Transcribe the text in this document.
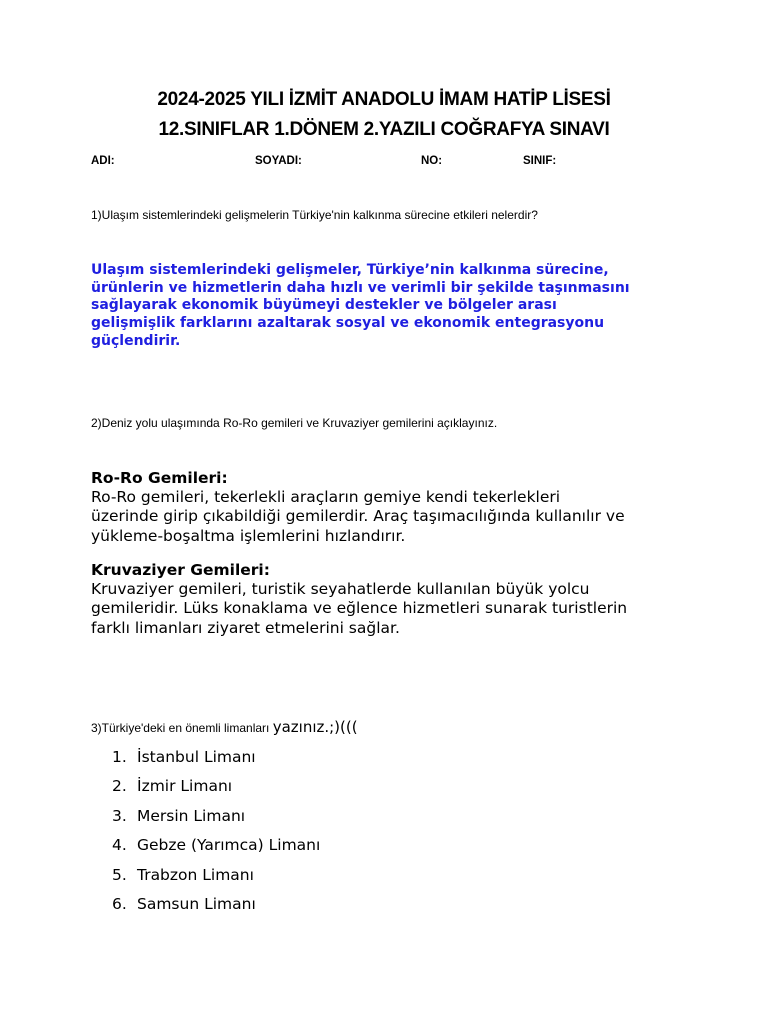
2024-2025 YILI İZMİT ANADOLU İMAM HATİP LİSESİ
12.SINIFLAR 1.DÖNEM 2.YAZILI COĞRAFYA SINAVI
ADI:	SOYADI:	NO:	SINIF:
1)Ulaşım sistemlerindeki gelişmelerin Türkiye'nin kalkınma sürecine etkileri nelerdir?
Ulaşım sistemlerindeki gelişmeler, Türkiye’nin kalkınma sürecine,
ürünlerin ve hizmetlerin daha hızlı ve verimli bir şekilde taşınmasını
sağlayarak ekonomik büyümeyi destekler ve bölgeler arası
gelişmişlik farklarını azaltarak sosyal ve ekonomik entegrasyonu
güçlendirir.
2)Deniz yolu ulaşımında Ro-Ro gemileri ve Kruvaziyer gemilerini açıklayınız.
Ro-Ro Gemileri:
Ro-Ro gemileri, tekerlekli araçların gemiye kendi tekerlekleri
üzerinde girip çıkabildiği gemilerdir. Araç taşımacılığında kullanılır ve
yükleme-boşaltma işlemlerini hızlandırır.
Kruvaziyer Gemileri:
Kruvaziyer gemileri, turistik seyahatlerde kullanılan büyük yolcu
gemileridir. Lüks konaklama ve eğlence hizmetleri sunarak turistlerin
farklı limanları ziyaret etmelerini sağlar.
3)Türkiye'deki en önemli limanları yazınız.;)(((
1. İstanbul Limanı
2. İzmir Limanı
3. Mersin Limanı
4. Gebze (Yarımca) Limanı
5. Trabzon Limanı
6. Samsun Limanı
